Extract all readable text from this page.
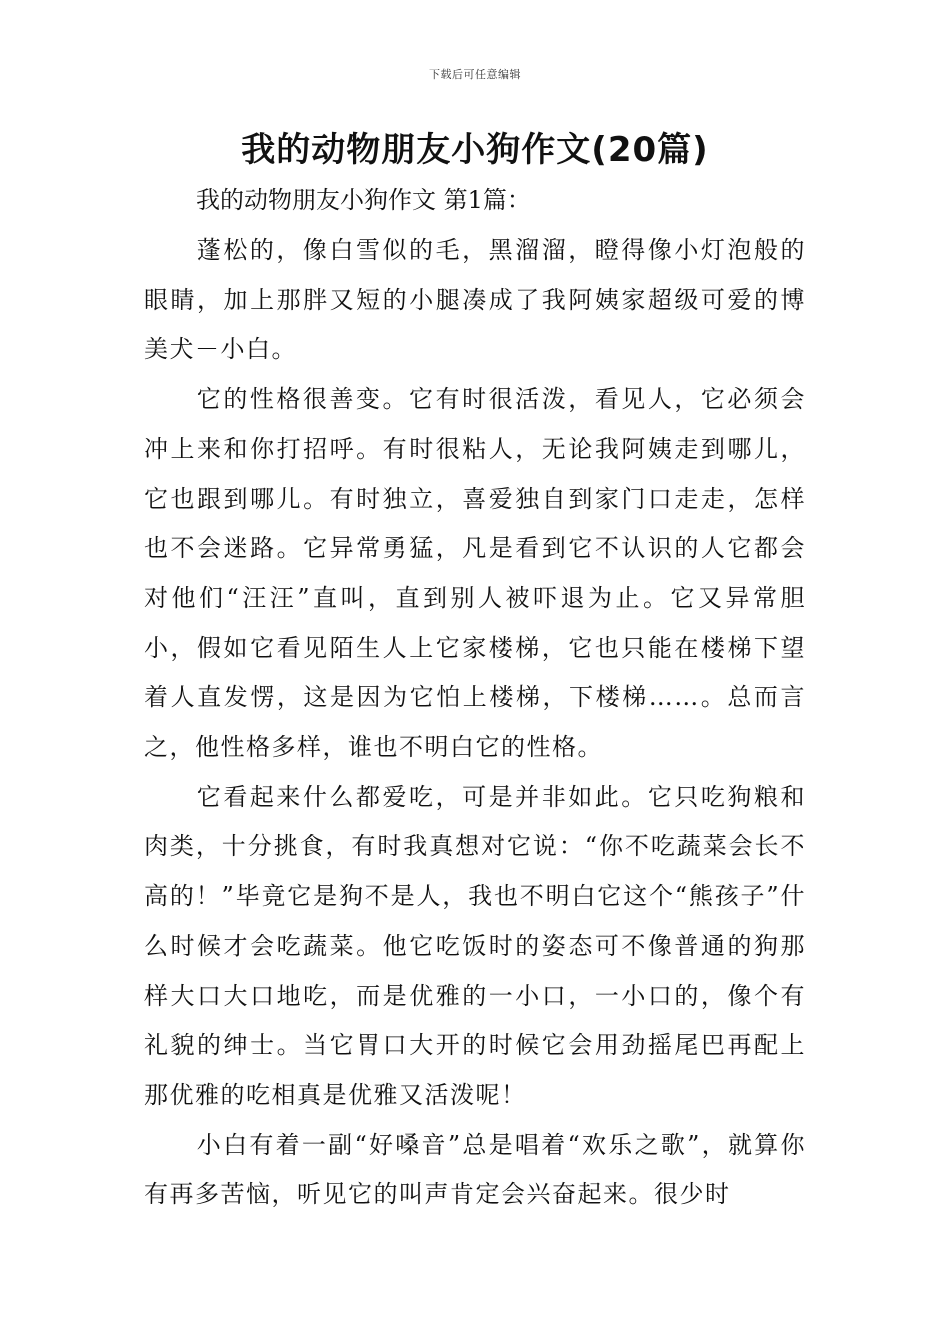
下载后可任意编辑
我的动物朋友小狗作文(20篇)
我的动物朋友小狗作文 第1篇：

蓬松的，像白雪似的毛，黑溜溜，瞪得像小灯泡般的眼睛，加上那胖又短的小腿凑成了我阿姨家超级可爱的博美犬－小白。

它的性格很善变。它有时很活泼，看见人，它必须会冲上来和你打招呼。有时很粘人，无论我阿姨走到哪儿，它也跟到哪儿。有时独立，喜爱独自到家门口走走，怎样也不会迷路。它异常勇猛，凡是看到它不认识的人它都会对他们“汪汪”直叫，直到别人被吓退为止。它又异常胆小，假如它看见陌生人上它家楼梯，它也只能在楼梯下望着人直发愣，这是因为它怕上楼梯，下楼梯……。总而言之，他性格多样，谁也不明白它的性格。

它看起来什么都爱吃，可是并非如此。它只吃狗粮和肉类，十分挑食，有时我真想对它说：“你不吃蔬菜会长不高的！”毕竟它是狗不是人，我也不明白它这个“熊孩子”什么时候才会吃蔬菜。他它吃饭时的姿态可不像普通的狗那样大口大口地吃，而是优雅的一小口，一小口的，像个有礼貌的绅士。当它胃口大开的时候它会用劲摇尾巴再配上那优雅的吃相真是优雅又活泼呢！

小白有着一副“好嗓音”总是唱着“欢乐之歌”，就算你有再多苦恼，听见它的叫声肯定会兴奋起来。很少时
